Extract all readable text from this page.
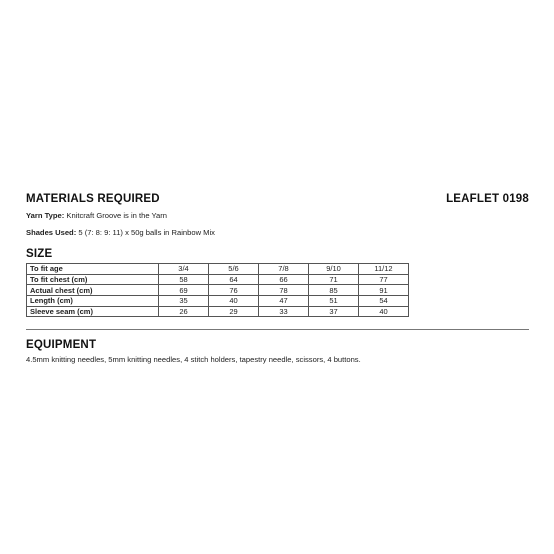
MATERIALS REQUIRED	LEAFLET 0198
Yarn Type: Knitcraft Groove is in the Yarn
Shades Used: 5 (7: 8: 9: 11) x 50g balls in Rainbow Mix
SIZE
To fit age	3/4	5/6	7/8	9/10	11/12
To fit chest (cm)	58	64	66	71	77
Actual chest (cm)	69	76	78	85	91
Length (cm)	35	40	47	51	54
Sleeve seam (cm)	26	29	33	37	40
EQUIPMENT
4.5mm knitting needles, 5mm knitting needles, 4 stitch holders, tapestry needle, scissors, 4 buttons.
